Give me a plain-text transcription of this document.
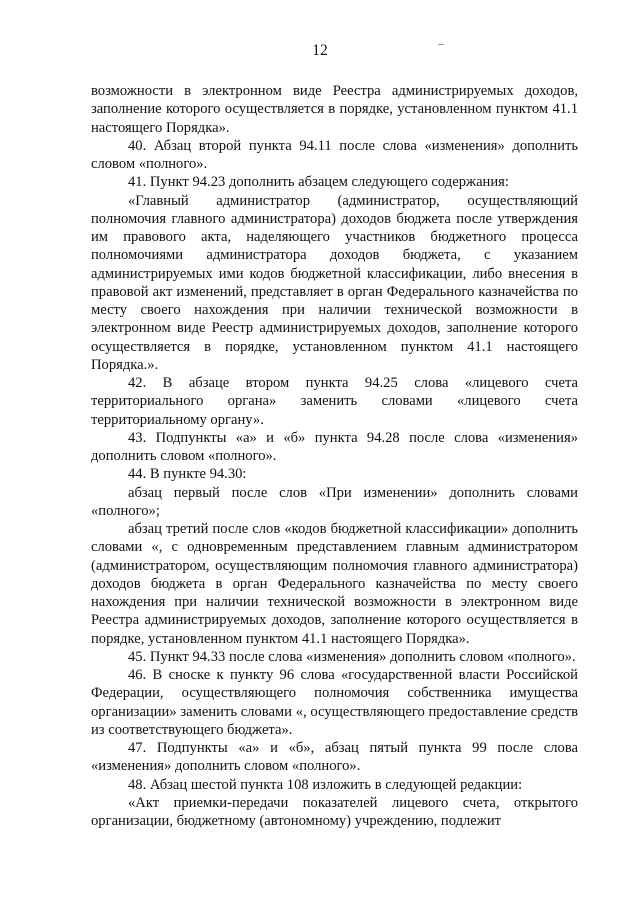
12

возможности в электронном виде Реестра администрируемых доходов, заполнение которого осуществляется в порядке, установленном пунктом 41.1 настоящего Порядка».

40. Абзац второй пункта 94.11 после слова «изменения» дополнить словом «полного».

41. Пункт 94.23 дополнить абзацем следующего содержания:

«Главный администратор (администратор, осуществляющий полномочия главного администратора) доходов бюджета после утверждения им правового акта, наделяющего участников бюджетного процесса полномочиями администратора доходов бюджета, с указанием администрируемых ими кодов бюджетной классификации, либо внесения в правовой акт изменений, представляет в орган Федерального казначейства по месту своего нахождения при наличии технической возможности в электронном виде Реестр администрируемых доходов, заполнение которого осуществляется в порядке, установленном пунктом 41.1 настоящего Порядка.».

42. В абзаце втором пункта 94.25 слова «лицевого счета территориального органа» заменить словами «лицевого счета территориальному органу».

43. Подпункты «а» и «б» пункта 94.28 после слова «изменения» дополнить словом «полного».

44. В пункте 94.30:

абзац первый после слов «При изменении» дополнить словами «полного»;

абзац третий после слов «кодов бюджетной классификации» дополнить словами «, с одновременным представлением главным администратором (администратором, осуществляющим полномочия главного администратора) доходов бюджета в орган Федерального казначейства по месту своего нахождения при наличии технической возможности в электронном виде Реестра администрируемых доходов, заполнение которого осуществляется в порядке, установленном пунктом 41.1 настоящего Порядка».

45. Пункт 94.33 после слова «изменения» дополнить словом «полного».

46. В сноске к пункту 96 слова «государственной власти Российской Федерации, осуществляющего полномочия собственника имущества организации» заменить словами «, осуществляющего предоставление средств из соответствующего бюджета».

47. Подпункты «а» и «б», абзац пятый пункта 99 после слова «изменения» дополнить словом «полного».

48. Абзац шестой пункта 108 изложить в следующей редакции:

«Акт приемки-передачи показателей лицевого счета, открытого организации, бюджетному (автономному) учреждению, подлежит
